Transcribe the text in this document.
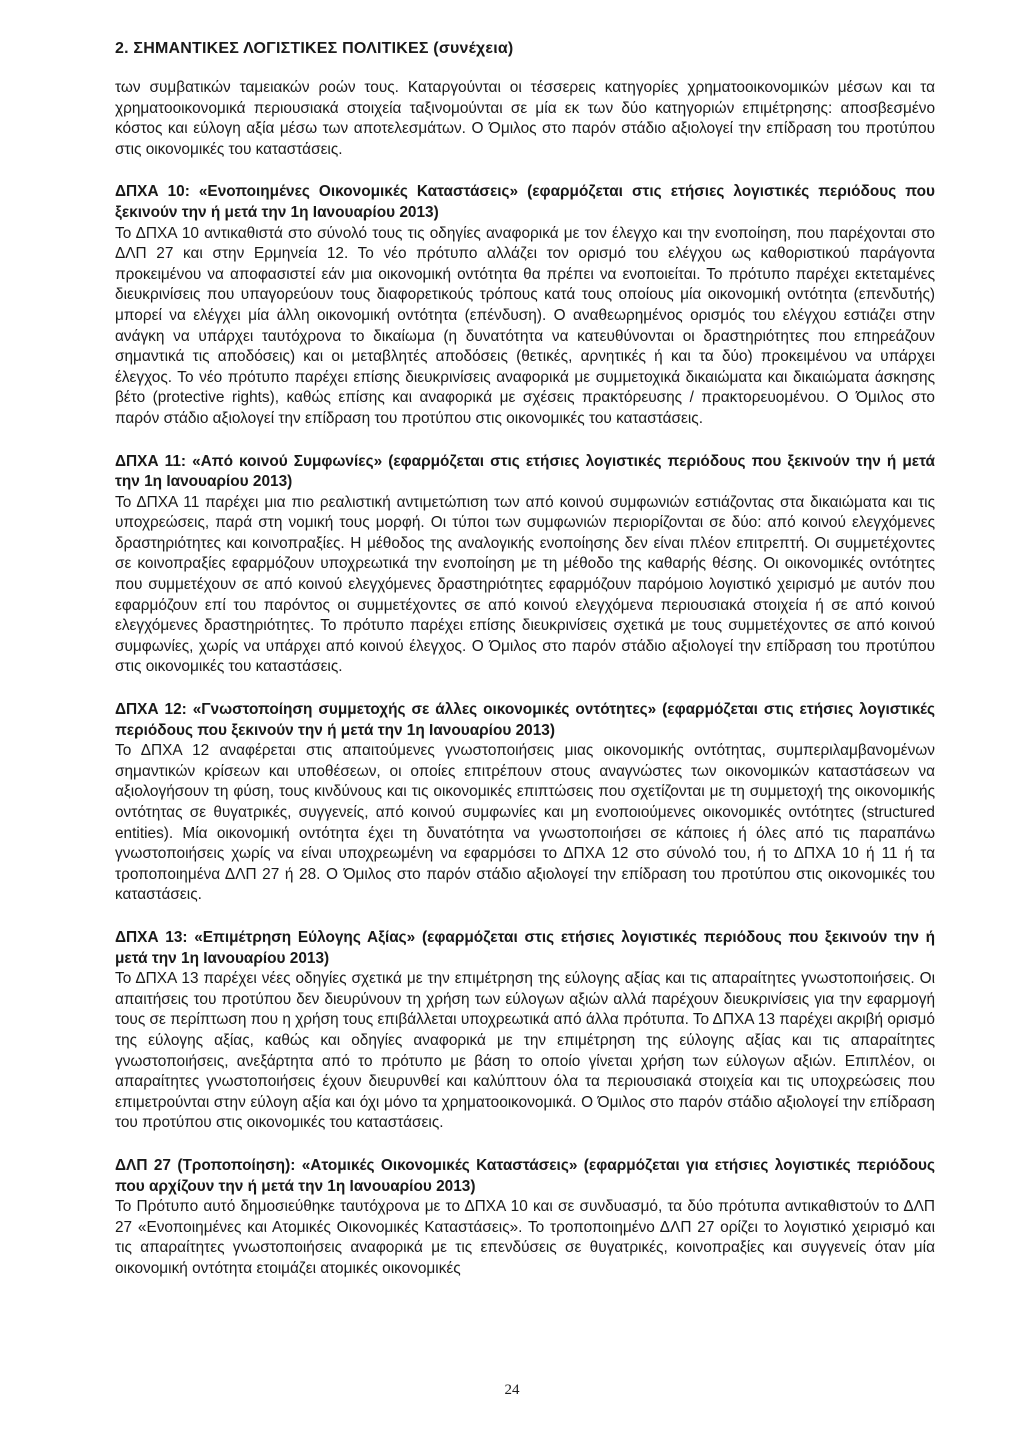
2. ΣΗΜΑΝΤΙΚΕΣ ΛΟΓΙΣΤΙΚΕΣ ΠΟΛΙΤΙΚΕΣ (συνέχεια)

των συμβατικών ταμειακών ροών τους. Καταργούνται οι τέσσερεις κατηγορίες χρηματοοικονομικών μέσων και τα χρηματοοικονομικά περιουσιακά στοιχεία ταξινομούνται σε μία εκ των δύο κατηγοριών επιμέτρησης: αποσβεσμένο κόστος και εύλογη αξία μέσω των αποτελεσμάτων. Ο Όμιλος στο παρόν στάδιο αξιολογεί την επίδραση του προτύπου στις οικονομικές του καταστάσεις.

ΔΠΧΑ 10: «Ενοποιημένες Οικονομικές Καταστάσεις» (εφαρμόζεται στις ετήσιες λογιστικές περιόδους που ξεκινούν την ή μετά την 1η Ιανουαρίου 2013)

Το ΔΠΧΑ 10 αντικαθιστά στο σύνολό τους τις οδηγίες αναφορικά με τον έλεγχο και την ενοποίηση, που παρέχονται στο ΔΛΠ 27 και στην Ερμηνεία 12. Το νέο πρότυπο αλλάζει τον ορισμό του ελέγχου ως καθοριστικού παράγοντα προκειμένου να αποφασιστεί εάν μια οικονομική οντότητα θα πρέπει να ενοποιείται. Το πρότυπο παρέχει εκτεταμένες διευκρινίσεις που υπαγορεύουν τους διαφορετικούς τρόπους κατά τους οποίους μία οικονομική οντότητα (επενδυτής) μπορεί να ελέγχει μία άλλη οικονομική οντότητα (επένδυση). Ο αναθεωρημένος ορισμός του ελέγχου εστιάζει στην ανάγκη να υπάρχει ταυτόχρονα το δικαίωμα (η δυνατότητα να κατευθύνονται οι δραστηριότητες που επηρεάζουν σημαντικά τις αποδόσεις) και οι μεταβλητές αποδόσεις (θετικές, αρνητικές ή και τα δύο) προκειμένου να υπάρχει έλεγχος. Το νέο πρότυπο παρέχει επίσης διευκρινίσεις αναφορικά με συμμετοχικά δικαιώματα και δικαιώματα άσκησης βέτο (protective rights), καθώς επίσης και αναφορικά με σχέσεις πρακτόρευσης / πρακτορευομένου. Ο Όμιλος στο παρόν στάδιο αξιολογεί την επίδραση του προτύπου στις οικονομικές του καταστάσεις.

ΔΠΧΑ 11: «Από κοινού Συμφωνίες» (εφαρμόζεται στις ετήσιες λογιστικές περιόδους που ξεκινούν την ή μετά την 1η Ιανουαρίου 2013)

Το ΔΠΧΑ 11 παρέχει μια πιο ρεαλιστική αντιμετώπιση των από κοινού συμφωνιών εστιάζοντας στα δικαιώματα και τις υποχρεώσεις, παρά στη νομική τους μορφή. Οι τύποι των συμφωνιών περιορίζονται σε δύο: από κοινού ελεγχόμενες δραστηριότητες και κοινοπραξίες. Η μέθοδος της αναλογικής ενοποίησης δεν είναι πλέον επιτρεπτή. Οι συμμετέχοντες σε κοινοπραξίες εφαρμόζουν υποχρεωτικά την ενοποίηση με τη μέθοδο της καθαρής θέσης. Οι οικονομικές οντότητες που συμμετέχουν σε από κοινού ελεγχόμενες δραστηριότητες εφαρμόζουν παρόμοιο λογιστικό χειρισμό με αυτόν που εφαρμόζουν επί του παρόντος οι συμμετέχοντες σε από κοινού ελεγχόμενα περιουσιακά στοιχεία ή σε από κοινού ελεγχόμενες δραστηριότητες. Το πρότυπο παρέχει επίσης διευκρινίσεις σχετικά με τους συμμετέχοντες σε από κοινού συμφωνίες, χωρίς να υπάρχει από κοινού έλεγχος. Ο Όμιλος στο παρόν στάδιο αξιολογεί την επίδραση του προτύπου στις οικονομικές του καταστάσεις.

ΔΠΧΑ 12: «Γνωστοποίηση συμμετοχής σε άλλες οικονομικές οντότητες» (εφαρμόζεται στις ετήσιες λογιστικές περιόδους που ξεκινούν την ή μετά την 1η Ιανουαρίου 2013)

Το ΔΠΧΑ 12 αναφέρεται στις απαιτούμενες γνωστοποιήσεις μιας οικονομικής οντότητας, συμπεριλαμβανομένων σημαντικών κρίσεων και υποθέσεων, οι οποίες επιτρέπουν στους αναγνώστες των οικονομικών καταστάσεων να αξιολογήσουν τη φύση, τους κινδύνους και τις οικονομικές επιπτώσεις που σχετίζονται με τη συμμετοχή της οικονομικής οντότητας σε θυγατρικές, συγγενείς, από κοινού συμφωνίες και μη ενοποιούμενες οικονομικές οντότητες (structured entities). Μία οικονομική οντότητα έχει τη δυνατότητα να γνωστοποιήσει σε κάποιες ή όλες από τις παραπάνω γνωστοποιήσεις χωρίς να είναι υποχρεωμένη να εφαρμόσει το ΔΠΧΑ 12 στο σύνολό του, ή το ΔΠΧΑ 10 ή 11 ή τα τροποποιημένα ΔΛΠ 27 ή 28. Ο Όμιλος στο παρόν στάδιο αξιολογεί την επίδραση του προτύπου στις οικονομικές του καταστάσεις.

ΔΠΧΑ 13: «Επιμέτρηση Εύλογης Αξίας» (εφαρμόζεται στις ετήσιες λογιστικές περιόδους που ξεκινούν την ή μετά την 1η Ιανουαρίου 2013)

Το ΔΠΧΑ 13 παρέχει νέες οδηγίες σχετικά με την επιμέτρηση της εύλογης αξίας και τις απαραίτητες γνωστοποιήσεις. Οι απαιτήσεις του προτύπου δεν διευρύνουν τη χρήση των εύλογων αξιών αλλά παρέχουν διευκρινίσεις για την εφαρμογή τους σε περίπτωση που η χρήση τους επιβάλλεται υποχρεωτικά από άλλα πρότυπα. Το ΔΠΧΑ 13 παρέχει ακριβή ορισμό της εύλογης αξίας, καθώς και οδηγίες αναφορικά με την επιμέτρηση της εύλογης αξίας και τις απαραίτητες γνωστοποιήσεις, ανεξάρτητα από το πρότυπο με βάση το οποίο γίνεται χρήση των εύλογων αξιών. Επιπλέον, οι απαραίτητες γνωστοποιήσεις έχουν διευρυνθεί και καλύπτουν όλα τα περιουσιακά στοιχεία και τις υποχρεώσεις που επιμετρούνται στην εύλογη αξία και όχι μόνο τα χρηματοοικονομικά. Ο Όμιλος στο παρόν στάδιο αξιολογεί την επίδραση του προτύπου στις οικονομικές του καταστάσεις.

ΔΛΠ 27 (Τροποποίηση): «Ατομικές Οικονομικές Καταστάσεις» (εφαρμόζεται για ετήσιες λογιστικές περιόδους που αρχίζουν την ή μετά την 1η Ιανουαρίου 2013)

Το Πρότυπο αυτό δημοσιεύθηκε ταυτόχρονα με το ΔΠΧΑ 10 και σε συνδυασμό, τα δύο πρότυπα αντικαθιστούν το ΔΛΠ 27 «Ενοποιημένες και Ατομικές Οικονομικές Καταστάσεις». Το τροποποιημένο ΔΛΠ 27 ορίζει το λογιστικό χειρισμό και τις απαραίτητες γνωστοποιήσεις αναφορικά με τις επενδύσεις σε θυγατρικές, κοινοπραξίες και συγγενείς όταν μία οικονομική οντότητα ετοιμάζει ατομικές οικονομικές

24
